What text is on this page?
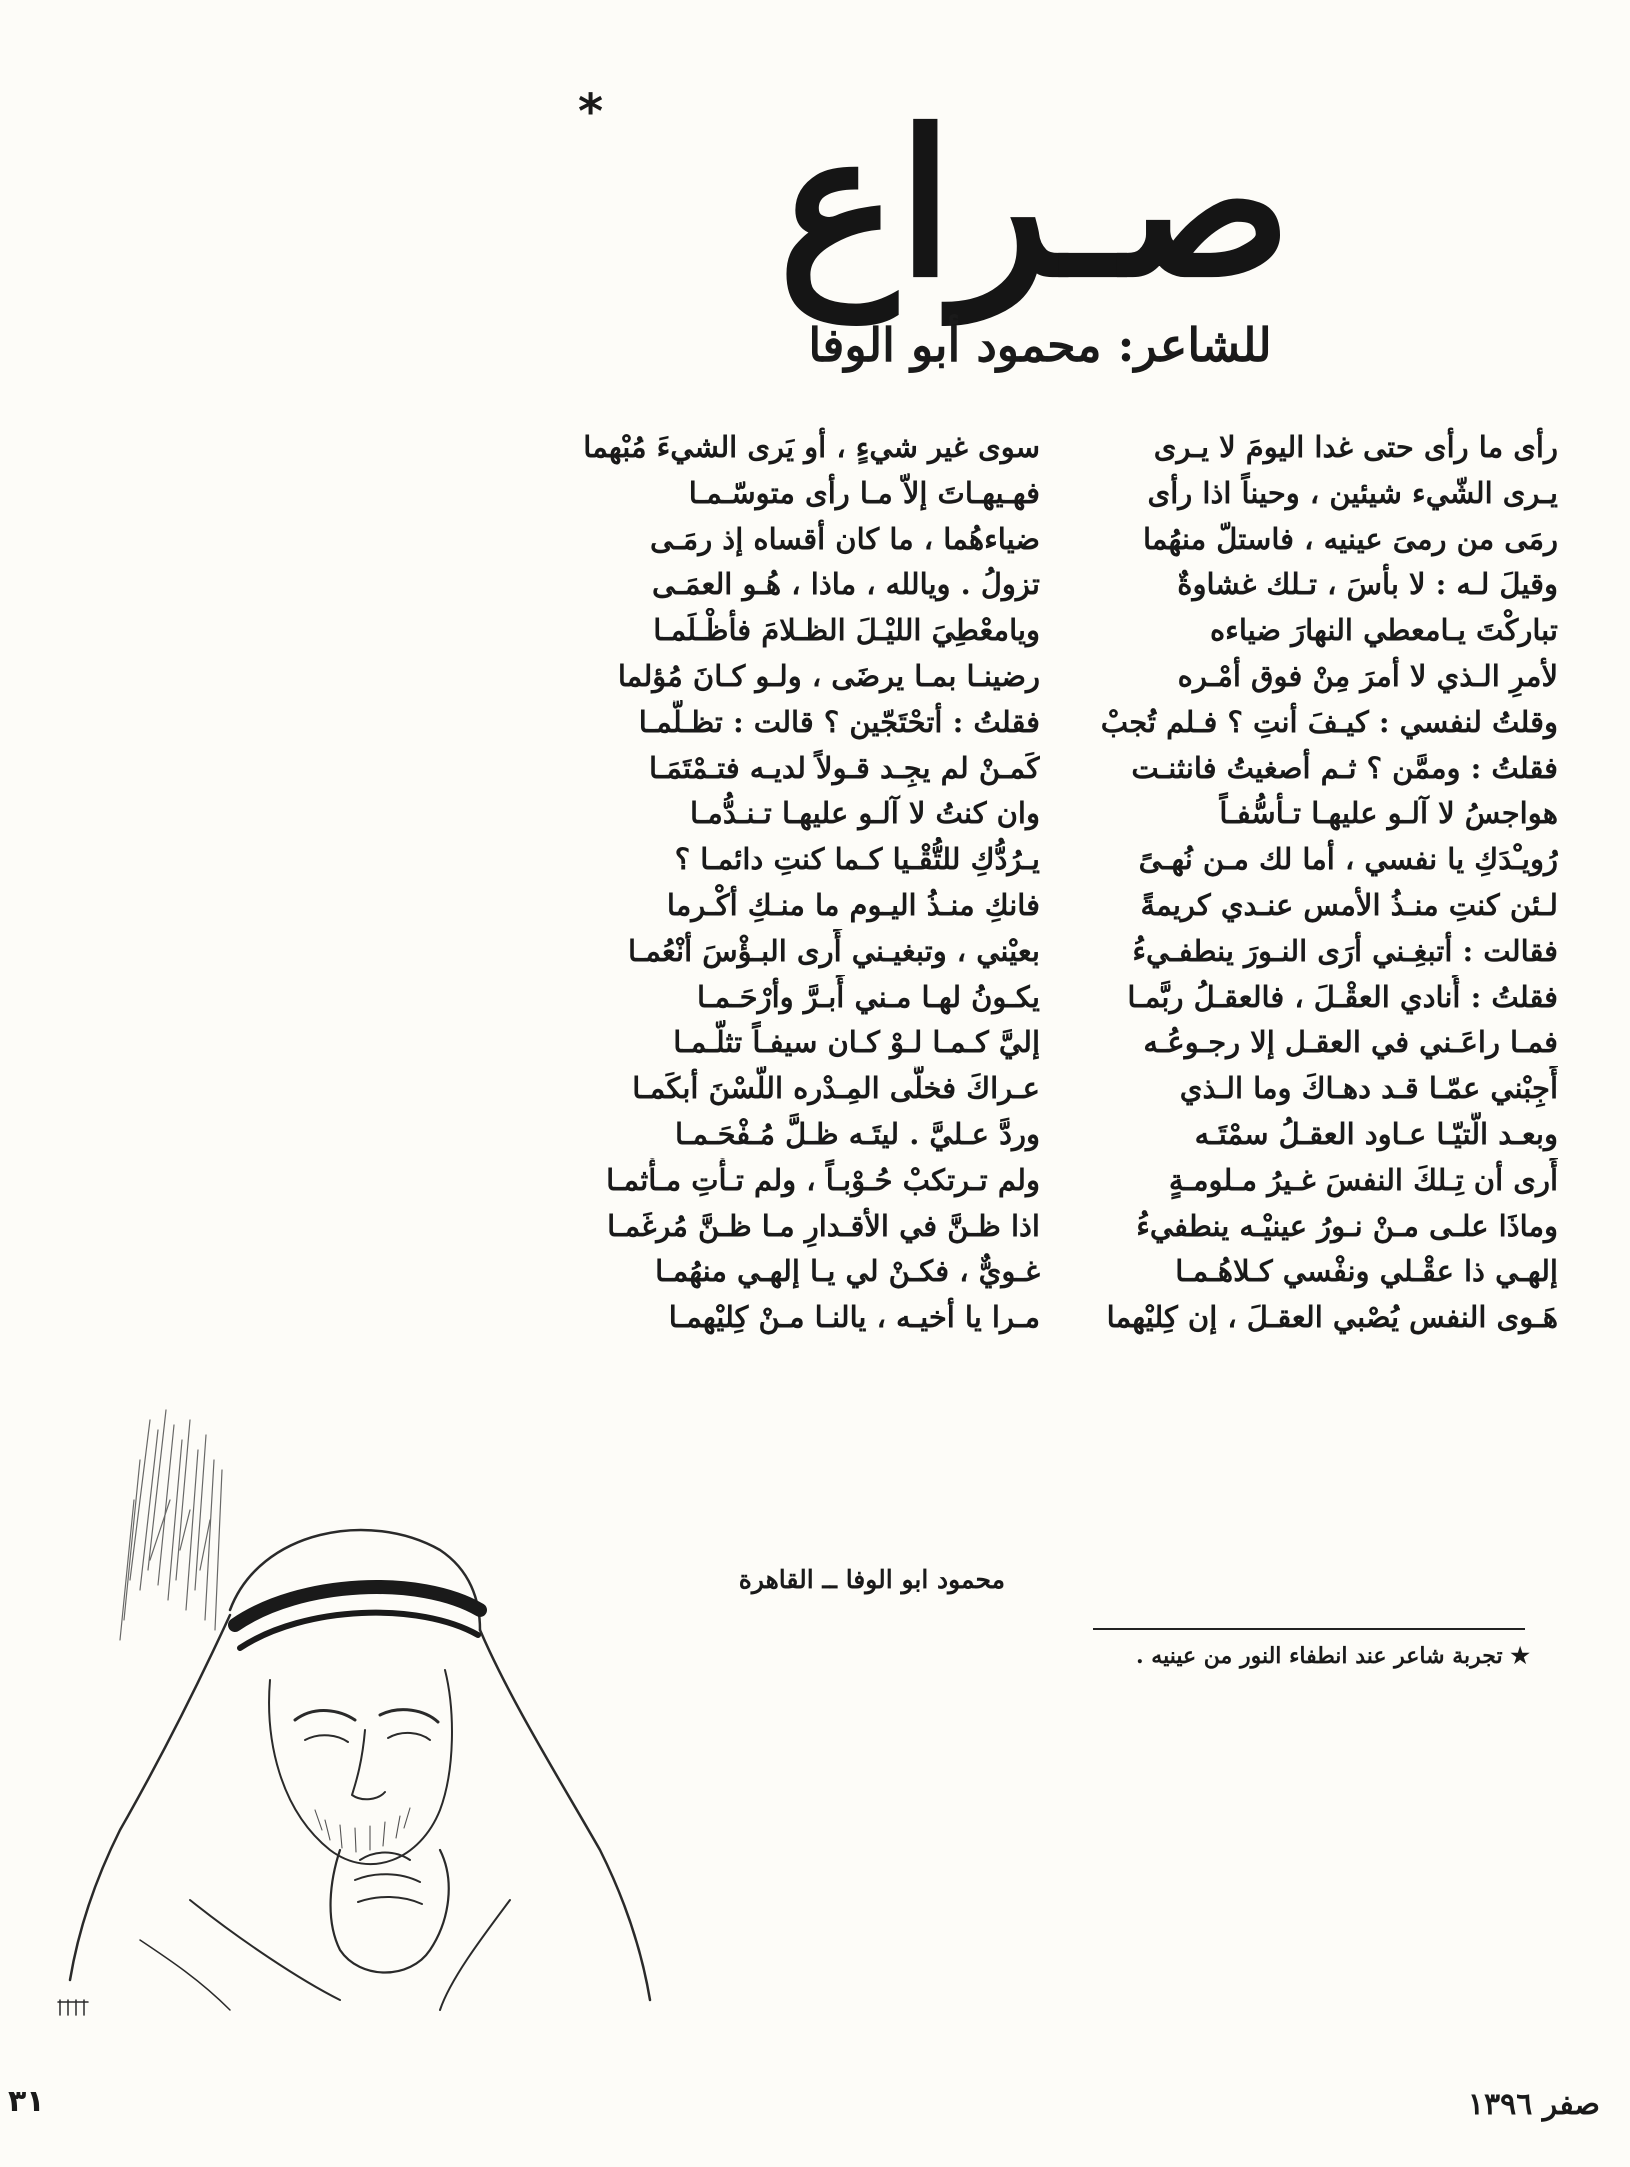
صـراع
*
للشاعر: محمود أبو الوفا
رأى ما رأى حتى غدا اليومَ لا يـرى
يـرى الشّيء شيئين ، وحيناً اذا رأى
رمَى من رمىَ عينيه ، فاستلّ منهُما
وقيلَ لـه : لا بأسَ ، تـلك غشاوةٌ
تباركْتَ يـامعطي النهارَ ضياءه
لأمرِ الـذي لا أمرَ مِنْ فوق أمْـره
وقلتُ لنفسي : كيـفَ أنتِ ؟ فـلم تُجبْ
فقلتُ : وممَّن ؟ ثـم أصغيتُ فانثنـت
هواجسُ لا آلـو عليهـا تـأسُّفـاً
رُويـْدَكِ يا نفسي ، أما لك مـن نُهـىً
لـئن كنتِ منـذُ الأمس عنـدي كريمةً
فقالت : أتبغِـني أرَى النـورَ ينطفـيءُ
فقلتُ : أُنادي العقْـلَ ، فالعقـلُ ربَّمـا
فمـا راعَـني في العقـل إلا رجـوعُـه
أَجِبْني عمّـا قـد دهـاكَ وما الـذي
وبعـد الَّتيّـا عـاود العقـلُ سمْتَـه
أَرى أن تِـلكَ النفسَ غـيرُ مـلومـةٍ
وماذَا علـى مـنْ نـورُ عينيْـه ينطفيءُ
إلهـي ذا عقْـلي ونفْسي كـلاهُـمـا
هَـوى النفس يُصْبي العقـلَ ، إن كِليْهما
سوى غير شيءٍ ، أو يَرى الشيءَ مُبْهما
فهـيهـاتَ إلاّ مـا رأى متوسّـمـا
ضياءهُما ، ما كان أقساه إذ رمَـى
تزولُ . ويالله ، ماذا ، هُـو العمَـى
ويامعْطِيَ الليْـلَ الظـلامَ فأظْـلَمـا
رضينـا بمـا يرضَى ، ولـو كـانَ مُؤلما
فقلتُ : أتحْتَجّين ؟ قالت : تظـلُّمـا
كَمـنْ لم يجِـد قـولاً لديـه فتـمْتَمَـا
وان كنتُ لا آلـو عليهـا تـنـدُّمـا
يـرُدُّكِ للتُّقْـيا كـما كنتِ دائمـا ؟
فانكِ منـذُ اليـوم ما منـكِ أكْـرما
بعيْني ، وتبغيـني أَرى البـؤْسَ أنْعُمـا
يكـونُ لهـا مـني أَبـرَّ وأرْحَـمـا
إليَّ كـمـا لـوْ كـان سيفـاً تثلّـمـا
عـراكَ فخلَّى المِـدْره اللّسْنَ أبكَمـا
وردَّ عـليَّ . ليتَـه ظـلَّ مُـفْحَـمـا
ولم تـرتكبْ حُـوْبـاً ، ولم تـأْتِ مـأْثمـا
اذا ظـنَّ في الأقـدارِ مـا ظـنَّ مُرغَمـا
غـويٌّ ، فكـنْ لي يـا إلهـي منهُمـا
مـرا يا أخيـه ، يالنـا مـنْ كِليْهمـا
محمود ابو الوفا ــ القاهرة
★ تجربة شاعر عند انطفاء النور من عينيه .
٣١	صفر ١٣٩٦
